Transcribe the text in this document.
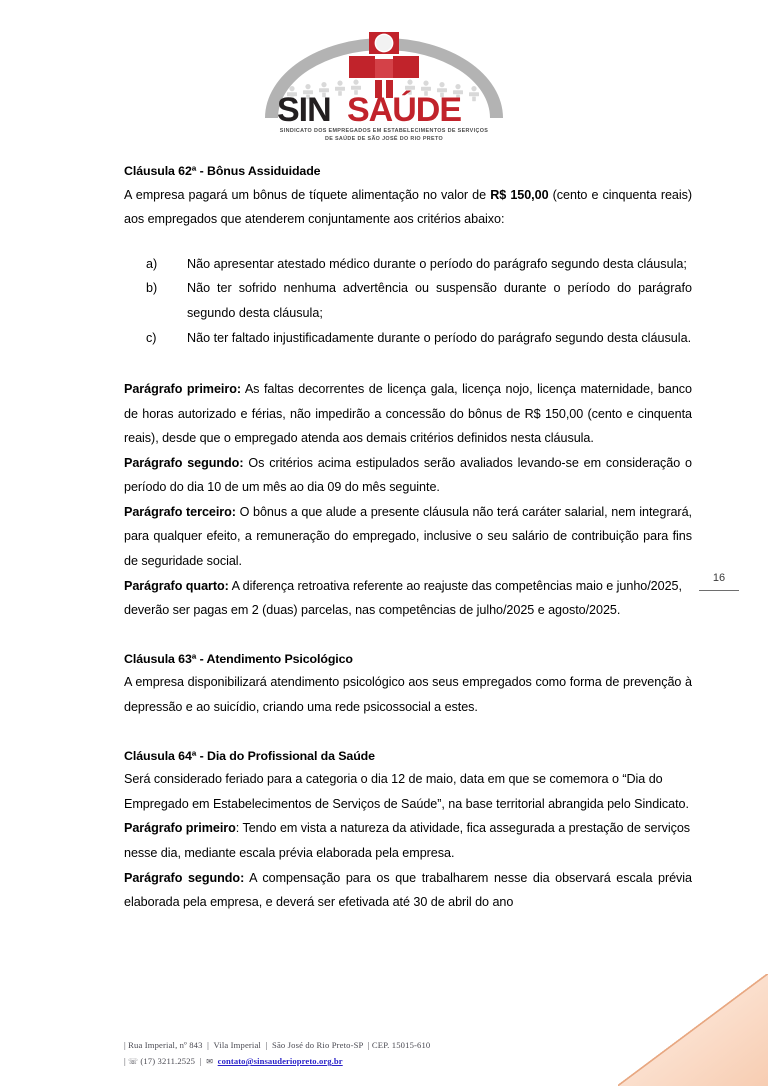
SIN SAÚDE
SINDICATO DOS EMPREGADOS EM ESTABELECIMENTOS DE SERVIÇOS
DE SAÚDE DE SÃO JOSÉ DO RIO PRETO
16
Cláusula 62ª - Bônus Assiduidade

A empresa pagará um bônus de tíquete alimentação no valor de R$ 150,00 (cento e cinquenta reais) aos empregados que atenderem conjuntamente aos critérios abaixo:

a)	Não apresentar atestado médico durante o período do parágrafo segundo desta cláusula;
b)	Não ter sofrido nenhuma advertência ou suspensão durante o período do parágrafo segundo desta cláusula;
c)	Não ter faltado injustificadamente durante o período do parágrafo segundo desta cláusula.

Parágrafo primeiro: As faltas decorrentes de licença gala, licença nojo, licença maternidade, banco de horas autorizado e férias, não impedirão a concessão do bônus de R$ 150,00 (cento e cinquenta reais), desde que o empregado atenda aos demais critérios definidos nesta cláusula.

Parágrafo segundo: Os critérios acima estipulados serão avaliados levando-se em consideração o período do dia 10 de um mês ao dia 09 do mês seguinte.

Parágrafo terceiro: O bônus a que alude a presente cláusula não terá caráter salarial, nem integrará, para qualquer efeito, a remuneração do empregado, inclusive o seu salário de contribuição para fins de seguridade social.

Parágrafo quarto: A diferença retroativa referente ao reajuste das competências maio e junho/2025, deverão ser pagas em 2 (duas) parcelas, nas competências de julho/2025 e agosto/2025.

Cláusula 63ª - Atendimento Psicológico

A empresa disponibilizará atendimento psicológico aos seus empregados como forma de prevenção à depressão e ao suicídio, criando uma rede psicossocial a estes.

Cláusula 64ª - Dia do Profissional da Saúde

Será considerado feriado para a categoria o dia 12 de maio, data em que se comemora o “Dia do Empregado em Estabelecimentos de Serviços de Saúde”, na base territorial abrangida pelo Sindicato.

Parágrafo primeiro: Tendo em vista a natureza da atividade, fica assegurada a prestação de serviços nesse dia, mediante escala prévia elaborada pela empresa.

Parágrafo segundo: A compensação para os que trabalharem nesse dia observará escala prévia elaborada pela empresa, e deverá ser efetivada até 30 de abril do ano

| Rua Imperial, nº 843  |  Vila Imperial  |  São José do Rio Preto-SP  | CEP. 15015-610
| ☏ (17) 3211.2525 | ✉
contato@sinsauderiopreto.org.br
